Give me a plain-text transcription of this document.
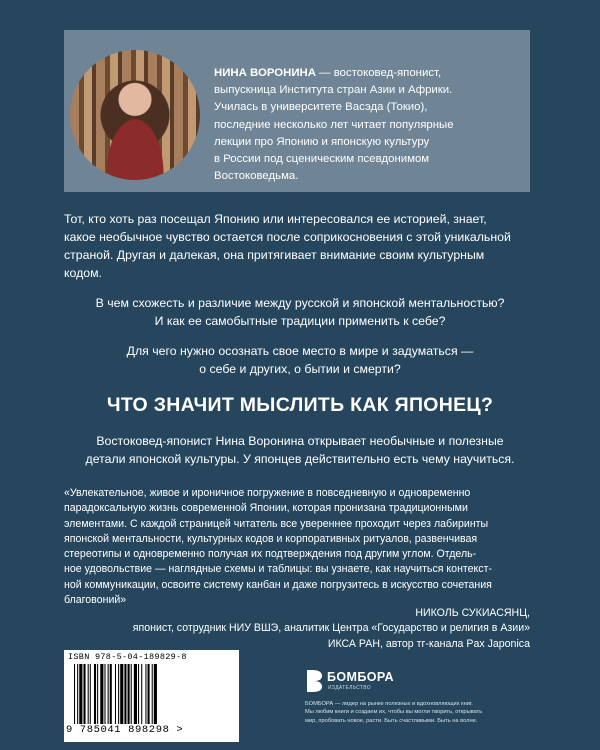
НИНА ВОРОНИНА — востоковед-японист,
выпускница Института стран Азии и Африки.
Училась в университете Васэда (Токио),
последние несколько лет читает популярные
лекции про Японию и японскую культуру
в России под сценическим псевдонимом
Востоковедьма.
Тот, кто хоть раз посещал Японию или интересовался ее историей, знает,
какое необычное чувство остается после соприкосновения с этой уникальной
страной. Другая и далекая, она притягивает внимание своим культурным
кодом.
В чем схожесть и различие между русской и японской ментальностью?
И как ее самобытные традиции применить к себе?
Для чего нужно осознать свое место в мире и задуматься —
о себе и других, о бытии и смерти?
ЧТО ЗНАЧИТ МЫСЛИТЬ КАК ЯПОНЕЦ?
Востоковед-японист Нина Воронина открывает необычные и полезные
детали японской культуры. У японцев действительно есть чему научиться.
«Увлекательное, живое и ироничное погружение в повседневную и одновременно
парадоксальную жизнь современной Японии, которая пронизана традиционными
элементами. С каждой страницей читатель все увереннее проходит через лабиринты
японской ментальности, культурных кодов и корпоративных ритуалов, развенчивая
стереотипы и одновременно получая их подтверждения под другим углом. Отдель-
ное удовольствие — наглядные схемы и таблицы: вы узнаете, как научиться контекст-
ной коммуникации, освоите систему канбан и даже погрузитесь в искусство сочетания
благовоний»
НИКОЛЬ СУКИАСЯНЦ,
японист, сотрудник НИУ ВШЭ, аналитик Центра «Государство и религия в Азии»
ИКСА РАН, автор тг-канала Pax Japonica
ISBN 978-5-04-189829-8
9 785041 898298 >
БОМБОРА
ИЗДАТЕЛЬСТВО
БОМБОРА — лидер на рынке полезных и вдохновляющих книг.
Мы любим книги и создаем их, чтобы вы могли творить, открывать
мир, пробовать новое, расти. Быть счастливыми. Быть на волне.
